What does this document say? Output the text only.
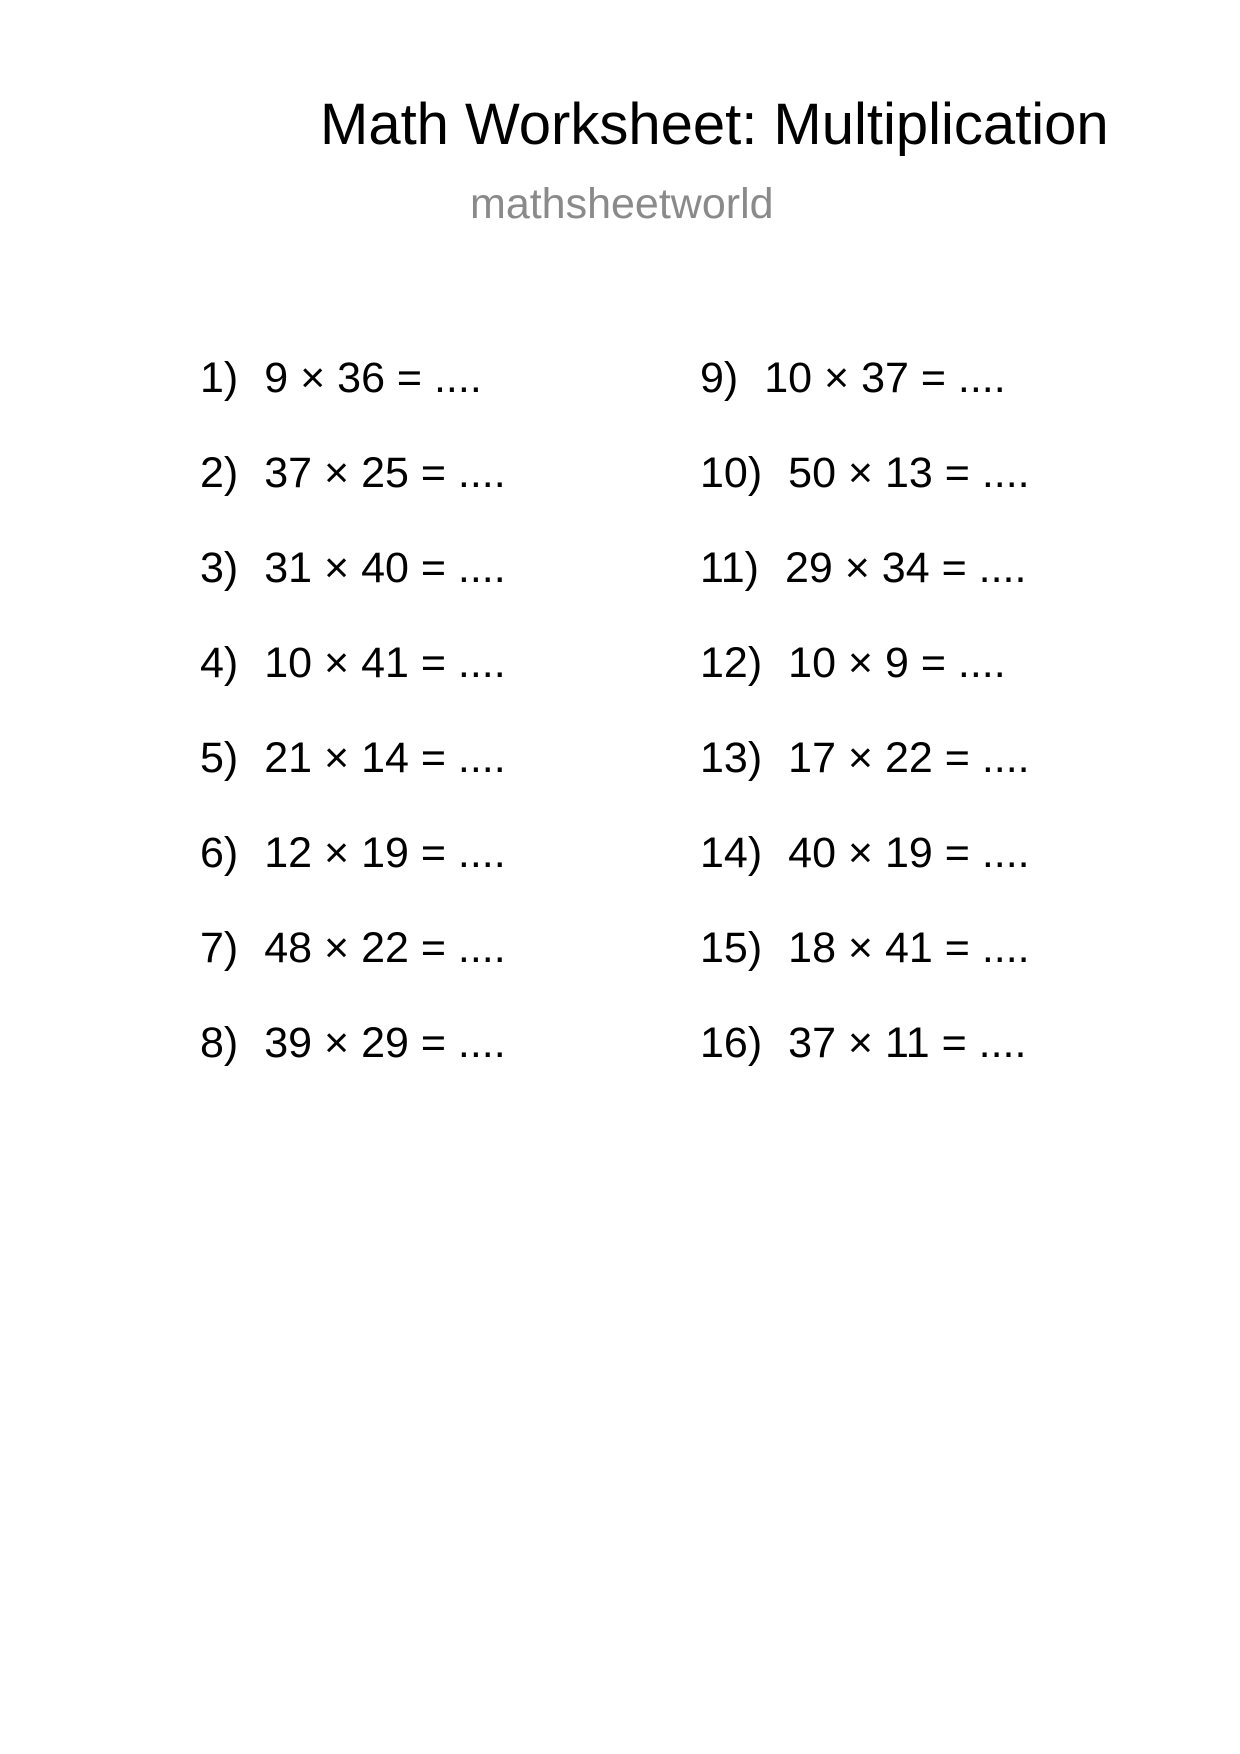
Math Worksheet: Multiplication
mathsheetworld
1) 9 × 36 = ....
2) 37 × 25 = ....
3) 31 × 40 = ....
4) 10 × 41 = ....
5) 21 × 14 = ....
6) 12 × 19 = ....
7) 48 × 22 = ....
8) 39 × 29 = ....
9) 10 × 37 = ....
10) 50 × 13 = ....
11) 29 × 34 = ....
12) 10 × 9 = ....
13) 17 × 22 = ....
14) 40 × 19 = ....
15) 18 × 41 = ....
16) 37 × 11 = ....
